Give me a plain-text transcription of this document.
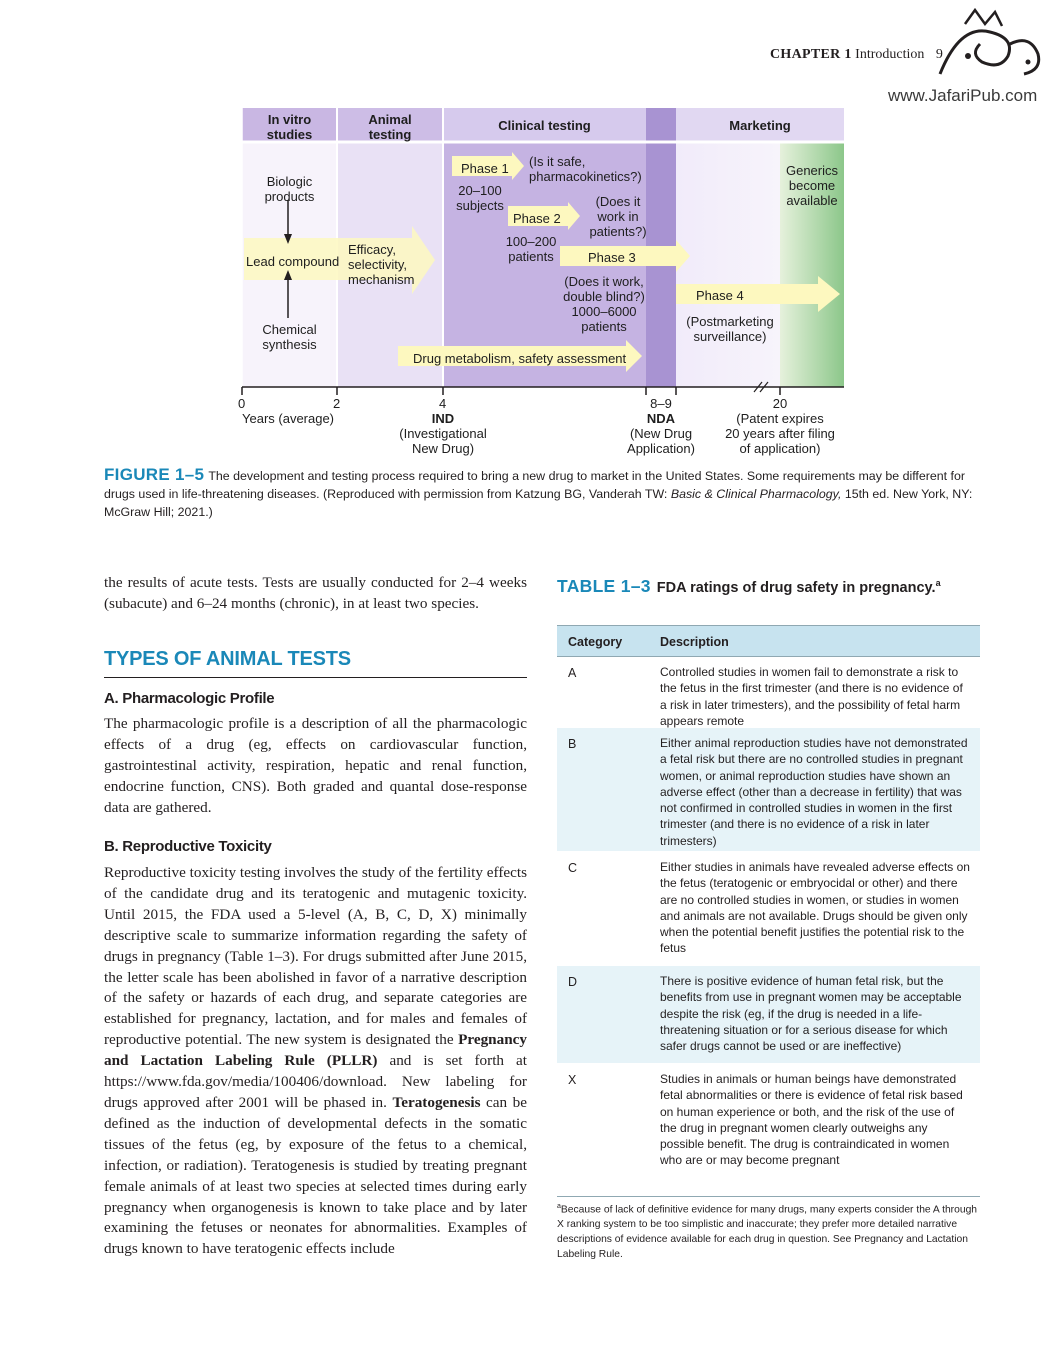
CHAPTER 1 Introduction 9
www.JafariPub.com
In vitro
studies
Animal
testing
Clinical testing	Marketing
Biologic
products
Lead compound
Chemical
synthesis
Efficacy,
selectivity,
mechanism
Phase 1 (Is it safe,
pharmacokinetics?)
20–100
subjects
Phase 2
(Does it
work in
patients?)
100–200
patients	Phase 3
(Does it work,
double blind?)
1000–6000
patients
Phase 4
(Postmarketing
surveillance)
Generics
become
available
Drug metabolism, safety assessment
0	2	4	8–9	20
Years (average)	IND
(Investigational
New Drug)
NDA
(New Drug
Application)
(Patent expires
20 years after filing
of application)
FIGURE 1–5 The development and testing process required to bring a new drug to market in the United States. Some requirements may be different for drugs used in life-threatening diseases. (Reproduced with permission from Katzung BG, Vanderah TW: Basic & Clinical Pharmacology, 15th ed. New York, NY: McGraw Hill; 2021.)

the results of acute tests. Tests are usually conducted for 2–4 weeks (subacute) and 6–24 months (chronic), in at least two species.

TYPES OF ANIMAL TESTS
A. Pharmacologic Profile

The pharmacologic profile is a description of all the pharmacologic effects of a drug (eg, effects on cardiovascular function, gastrointestinal activity, respiration, hepatic and renal function, endocrine function, CNS). Both graded and quantal dose-response data are gathered.

B. Reproductive Toxicity

Reproductive toxicity testing involves the study of the fertility effects of the candidate drug and its teratogenic and mutagenic toxicity. Until 2015, the FDA used a 5-level (A, B, C, D, X) minimally descriptive scale to summarize information regarding the safety of drugs in pregnancy (Table 1–3). For drugs submitted after June 2015, the letter scale has been abolished in favor of a narrative description of the safety or hazards of each drug, and separate categories are established for pregnancy, lactation, and for males and females of reproductive potential. The new system is designated the Pregnancy and Lactation Labeling Rule (PLLR) and is set forth at https://www.fda.gov/media/100406/download. New labeling for drugs approved after 2001 will be phased in. Teratogenesis can be defined as the induction of developmental defects in the somatic tissues of the fetus (eg, by exposure of the fetus to a chemical, infection, or radiation). Teratogenesis is studied by treating pregnant female animals of at least two species at selected times during early pregnancy when organogenesis is known to take place and by later examining the fetuses or neonates for abnormalities. Examples of drugs known to have teratogenic effects include

TABLE 1–3 FDA ratings of drug safety in pregnancy.$^a$
Category	Description
A	Controlled studies in women fail to demonstrate a risk to the fetus in the first trimester (and there is no evidence of a risk in later trimesters), and the possibility of fetal harm appears remote
B	Either animal reproduction studies have not demonstrated a fetal risk but there are no controlled studies in pregnant women, or animal reproduction studies have shown an adverse effect (other than a decrease in fertility) that was not confirmed in controlled studies in women in the first trimester (and there is no evidence of a risk in later trimesters)
C	Either studies in animals have revealed adverse effects on the fetus (teratogenic or embryocidal or other) and there are no controlled studies in women, or studies in women and animals are not available. Drugs should be given only when the potential benefit justifies the potential risk to the fetus
D	There is positive evidence of human fetal risk, but the benefits from use in pregnant women may be acceptable despite the risk (eg, if the drug is needed in a life-threatening situation or for a serious disease for which safer drugs cannot be used or are ineffective)
X	Studies in animals or human beings have demonstrated fetal abnormalities or there is evidence of fetal risk based on human experience or both, and the risk of the use of the drug in pregnant women clearly outweighs any possible benefit. The drug is contraindicated in women who are or may become pregnant
$^a$Because of lack of definitive evidence for many drugs, many experts consider the A through X ranking system to be too simplistic and inaccurate; they prefer more detailed narrative descriptions of evidence available for each drug in question. See Pregnancy and Lactation Labeling Rule.
